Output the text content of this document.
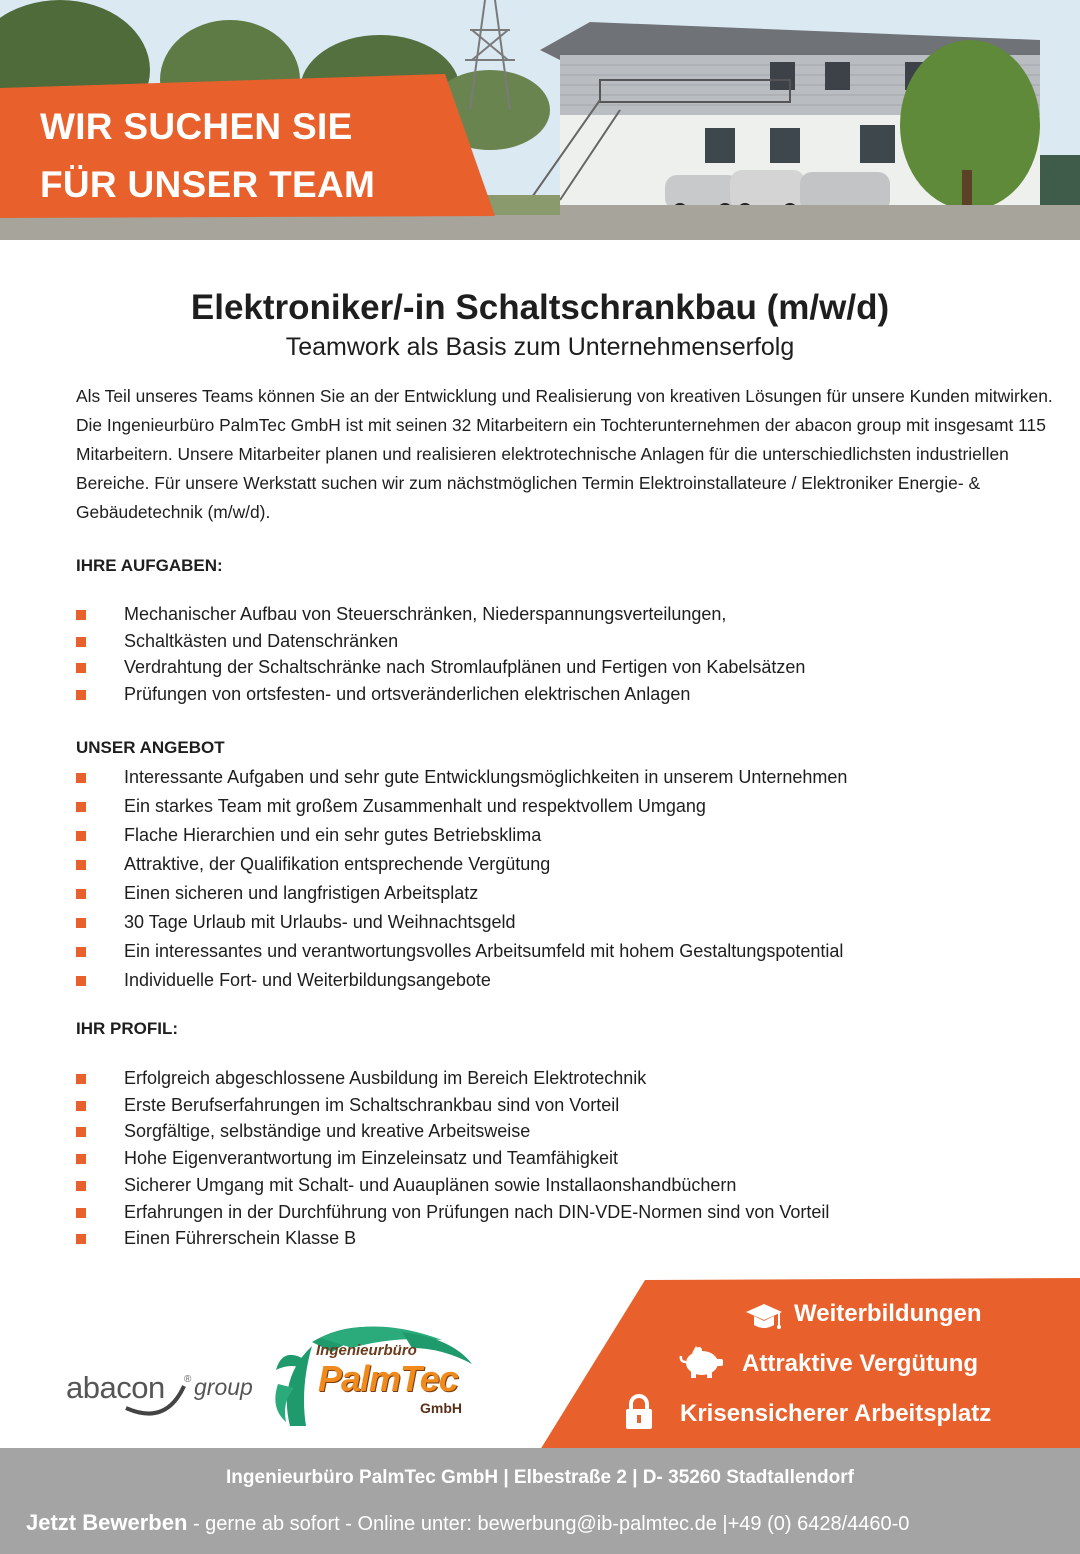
WIR SUCHEN SIE
FÜR UNSER TEAM
Elektroniker/-in Schaltschrankbau (m/w/d)
Teamwork als Basis zum Unternehmenserfolg
Als Teil unseres Teams können Sie an der Entwicklung und Realisierung von kreativen Lösungen für unsere Kunden mitwirken. Die Ingenieurbüro PalmTec GmbH ist mit seinen 32 Mitarbeitern ein Tochterunternehmen der abacon group mit insgesamt 115 Mitarbeitern. Unsere Mitarbeiter planen und realisieren elektrotechnische Anlagen für die unterschiedlichsten industriellen Bereiche. Für unsere Werkstatt suchen wir zum nächstmöglichen Termin Elektroinstallateure / Elektroniker Energie- & Gebäudetechnik (m/w/d).
IHRE AUFGABEN:
Mechanischer Aufbau von Steuerschränken, Niederspannungsverteilungen,
Schaltkästen und Datenschränken
Verdrahtung der Schaltschränke nach Stromlaufplänen und Fertigen von Kabelsätzen
Prüfungen von ortsfesten- und ortsveränderlichen elektrischen Anlagen
UNSER ANGEBOT
Interessante Aufgaben und sehr gute Entwicklungsmöglichkeiten in unserem Unternehmen
Ein starkes Team mit großem Zusammenhalt und respektvollem Umgang
Flache Hierarchien und ein sehr gutes Betriebsklima
Attraktive, der Qualifikation entsprechende Vergütung
Einen sicheren und langfristigen Arbeitsplatz
30 Tage Urlaub mit Urlaubs- und Weihnachtsgeld
Ein interessantes und verantwortungsvolles Arbeitsumfeld mit hohem Gestaltungspotential
Individuelle Fort- und Weiterbildungsangebote
IHR PROFIL:
Erfolgreich abgeschlossene Ausbildung im Bereich Elektrotechnik
Erste Berufserfahrungen im Schaltschrankbau sind von Vorteil
Sorgfäl⁠tige, selbständige und krea⁠tive Arbeitsweise
Hohe Eigenverantwortung im Einzeleinsatz und Teamfähigkeit
Sicherer Umgang mit Schalt- und Au⁠auplänen sowie Installa⁠onshandbüchern
Erfahrungen in der Durchführung von Prüfungen nach DIN-VDE-Normen sind von Vorteil
Einen Führerschein Klasse B
Weiterbildungen
Attraktive Vergütung
Krisensicherer Arbeitsplatz
abacon ® group
Ingenieurbüro
PalmTec
GmbH
Ingenieurbüro PalmTec GmbH | Elbestraße 2 | D- 35260 Stadtallendorf
Jetzt Bewerben - gerne ab sofort - Online unter: bewerbung@ib-palmtec.de |+49 (0) 6428/4460-0
